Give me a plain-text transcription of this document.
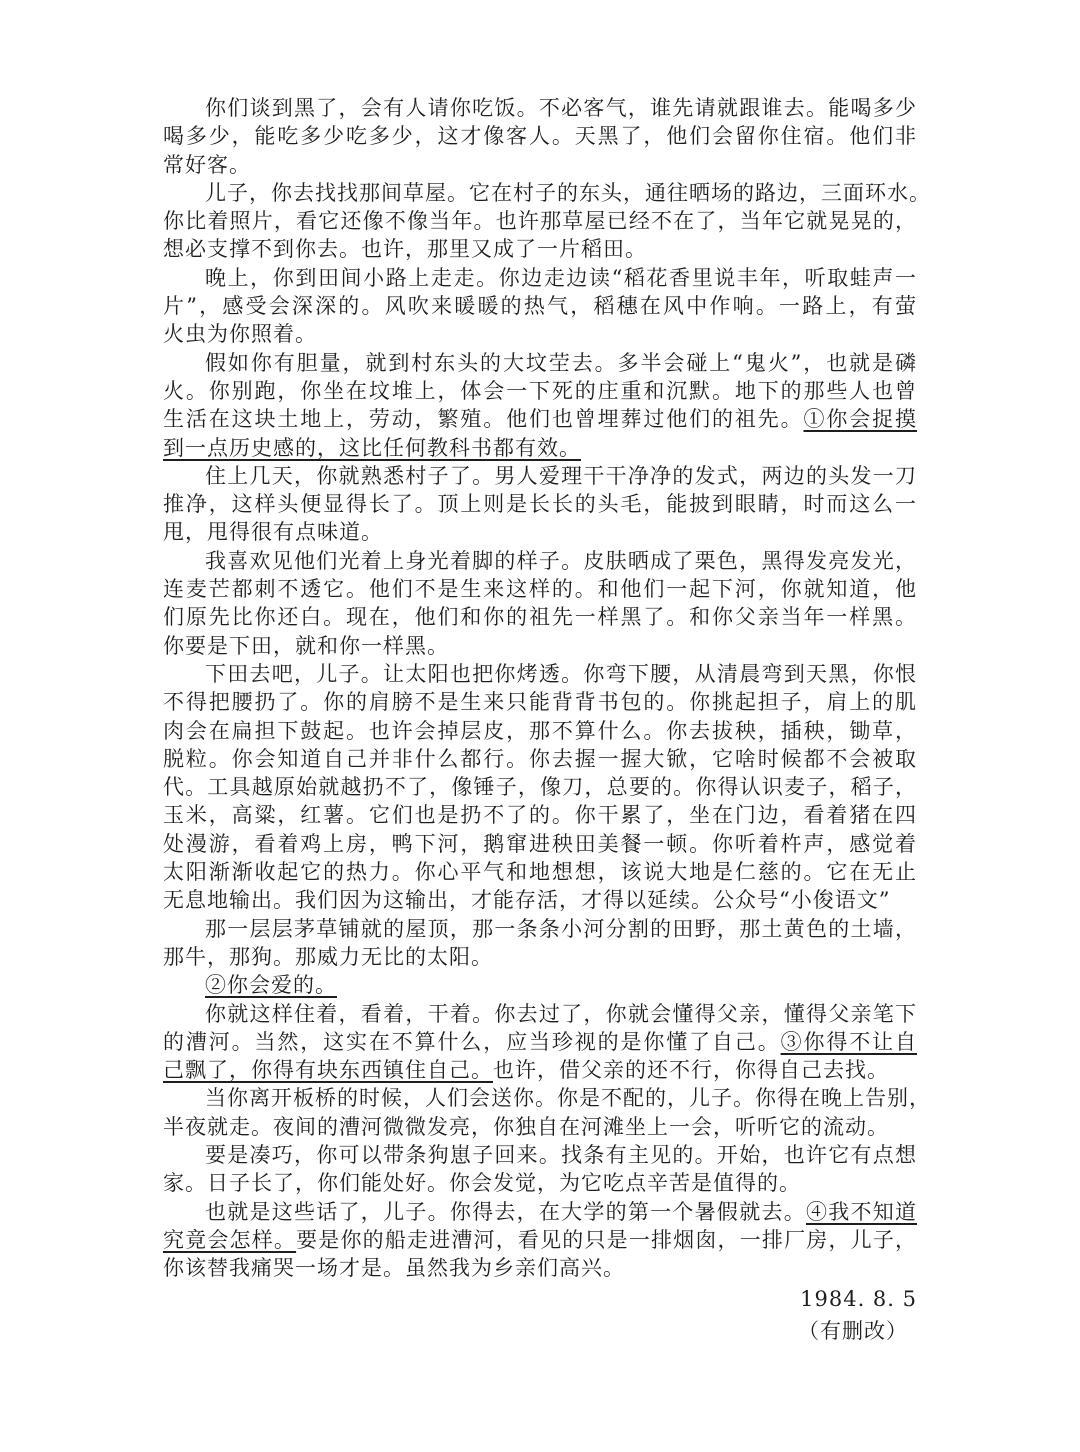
你们谈到黑了，会有人请你吃饭。不必客气，谁先请就跟谁去。能喝多少
喝多少，能吃多少吃多少，这才像客人。天黑了，他们会留你住宿。他们非
常好客。
儿子，你去找找那间草屋。它在村子的东头，通往晒场的路边，三面环水。
你比着照片，看它还像不像当年。也许那草屋已经不在了，当年它就晃晃的，
想必支撑不到你去。也许，那里又成了一片稻田。
晚上，你到田间小路上走走。你边走边读“稻花香里说丰年，听取蛙声一
片”，感受会深深的。风吹来暖暖的热气，稻穗在风中作响。一路上，有萤
火虫为你照着。
假如你有胆量，就到村东头的大坟茔去。多半会碰上“鬼火”，也就是磷
火。你别跑，你坐在坟堆上，体会一下死的庄重和沉默。地下的那些人也曾
生活在这块土地上，劳动，繁殖。他们也曾埋葬过他们的祖先。①你会捉摸
到一点历史感的，这比任何教科书都有效。
住上几天，你就熟悉村子了。男人爱理干干净净的发式，两边的头发一刀
推净，这样头便显得长了。顶上则是长长的头毛，能披到眼睛，时而这么一
甩，甩得很有点味道。
我喜欢见他们光着上身光着脚的样子。皮肤晒成了栗色，黑得发亮发光，
连麦芒都刺不透它。他们不是生来这样的。和他们一起下河，你就知道，他
们原先比你还白。现在，他们和你的祖先一样黑了。和你父亲当年一样黑。
你要是下田，就和你一样黑。
下田去吧，儿子。让太阳也把你烤透。你弯下腰，从清晨弯到天黑，你恨
不得把腰扔了。你的肩膀不是生来只能背背书包的。你挑起担子，肩上的肌
肉会在扁担下鼓起。也许会掉层皮，那不算什么。你去拔秧，插秧，锄草，
脱粒。你会知道自己并非什么都行。你去握一握大锨，它啥时候都不会被取
代。工具越原始就越扔不了，像锤子，像刀，总要的。你得认识麦子，稻子，
玉米，高粱，红薯。它们也是扔不了的。你干累了，坐在门边，看着猪在四
处漫游，看着鸡上房，鸭下河，鹅窜进秧田美餐一顿。你听着杵声，感觉着
太阳渐渐收起它的热力。你心平气和地想想，该说大地是仁慈的。它在无止
无息地输出。我们因为这输出，才能存活，才得以延续。公众号“小俊语文”
那一层层茅草铺就的屋顶，那一条条小河分割的田野，那土黄色的土墙，
那牛，那狗。那威力无比的太阳。
②你会爱的。
你就这样住着，看着，干着。你去过了，你就会懂得父亲，懂得父亲笔下
的漕河。当然，这实在不算什么，应当珍视的是你懂了自己。③你得不让自
己飘了，你得有块东西镇住自己。也许，借父亲的还不行，你得自己去找。
当你离开板桥的时候，人们会送你。你是不配的，儿子。你得在晚上告别，
半夜就走。夜间的漕河微微发亮，你独自在河滩坐上一会，听听它的流动。
要是凑巧，你可以带条狗崽子回来。找条有主见的。开始，也许它有点想
家。日子长了，你们能处好。你会发觉，为它吃点辛苦是值得的。
也就是这些话了，儿子。你得去，在大学的第一个暑假就去。④我不知道
究竟会怎样。要是你的船走进漕河，看见的只是一排烟囱，一排厂房，儿子，
你该替我痛哭一场才是。虽然我为乡亲们高兴。
1984. 8. 5
（有删改）
